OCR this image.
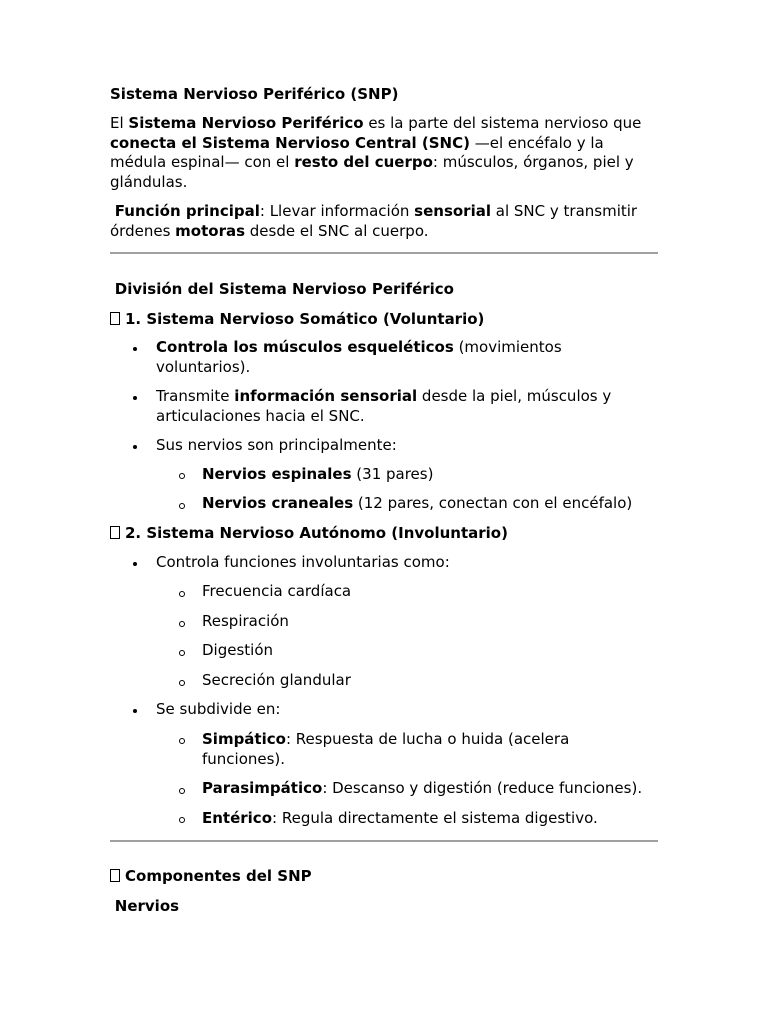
Sistema Nervioso Periférico (SNP)
El Sistema Nervioso Periférico es la parte del sistema nervioso que conecta el Sistema Nervioso Central (SNC) —el encéfalo y la médula espinal— con el resto del cuerpo: músculos, órganos, piel y glándulas.
Función principal: Llevar información sensorial al SNC y transmitir órdenes motoras desde el SNC al cuerpo.
División del Sistema Nervioso Periférico
1. Sistema Nervioso Somático (Voluntario)
Controla los músculos esqueléticos (movimientos voluntarios).
Transmite información sensorial desde la piel, músculos y articulaciones hacia el SNC.
Sus nervios son principalmente:
Nervios espinales (31 pares)
Nervios craneales (12 pares, conectan con el encéfalo)
2. Sistema Nervioso Autónomo (Involuntario)
Controla funciones involuntarias como:
Frecuencia cardíaca
Respiración
Digestión
Secreción glandular
Se subdivide en:
Simpático: Respuesta de lucha o huida (acelera funciones).
Parasimpático: Descanso y digestión (reduce funciones).
Entérico: Regula directamente el sistema digestivo.
Componentes del SNP
Nervios
